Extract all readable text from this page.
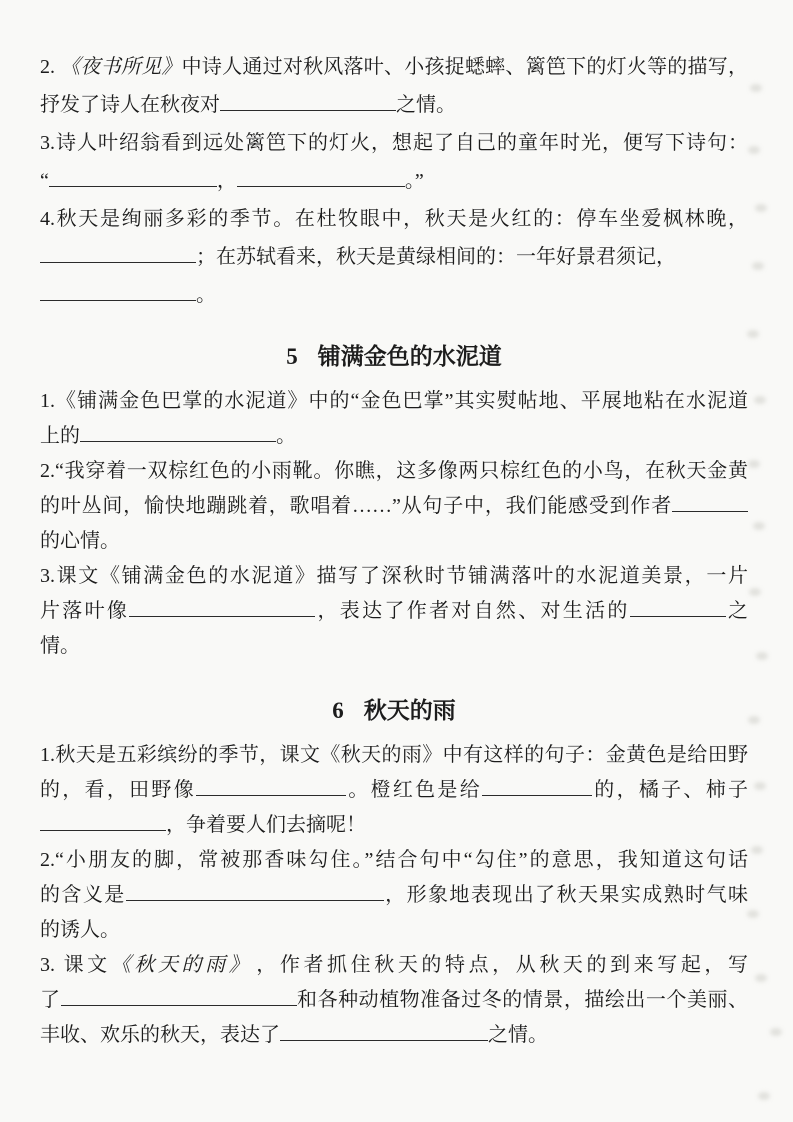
2. 《夜书所见》中诗人通过对秋风落叶、小孩捉蟋蟀、篱笆下的灯火等的描写，
抒发了诗人在秋夜对	之情。
3.诗人叶绍翁看到远处篱笆下的灯火，想起了自己的童年时光，便写下诗句：
“	，	。”
4.秋天是绚丽多彩的季节。在杜牧眼中，秋天是火红的：停车坐爱枫林晚，
；在苏轼看来，秋天是黄绿相间的：一年好景君须记，
。
5 铺满金色的水泥道
1.《铺满金色巴掌的水泥道》中的“金色巴掌”其实熨帖地、平展地粘在水泥道
上的	。
2.“我穿着一双棕红色的小雨靴。你瞧，这多像两只棕红色的小鸟，在秋天金黄
的叶丛间，愉快地蹦跳着，歌唱着……”从句子中，我们能感受到作者
的心情。
3.课文《铺满金色的水泥道》描写了深秋时节铺满落叶的水泥道美景，一片
片落叶像	，表达了作者对自然、对生活的	之
情。
6 秋天的雨
1.秋天是五彩缤纷的季节，课文《秋天的雨》中有这样的句子：金黄色是给田野
的，看，田野像	。橙红色是给	的，橘子、柿子
，争着要人们去摘呢！
2.“小朋友的脚，常被那香味勾住。”结合句中“勾住”的意思，我知道这句话
的含义是	，形象地表现出了秋天果实成熟时气味
的诱人。
3. 课文《秋天的雨》 ，作者抓住秋天的特点，从秋天的到来写起，写
了	和各种动植物准备过冬的情景，描绘出一个美丽、
丰收、欢乐的秋天，表达了	之情。
